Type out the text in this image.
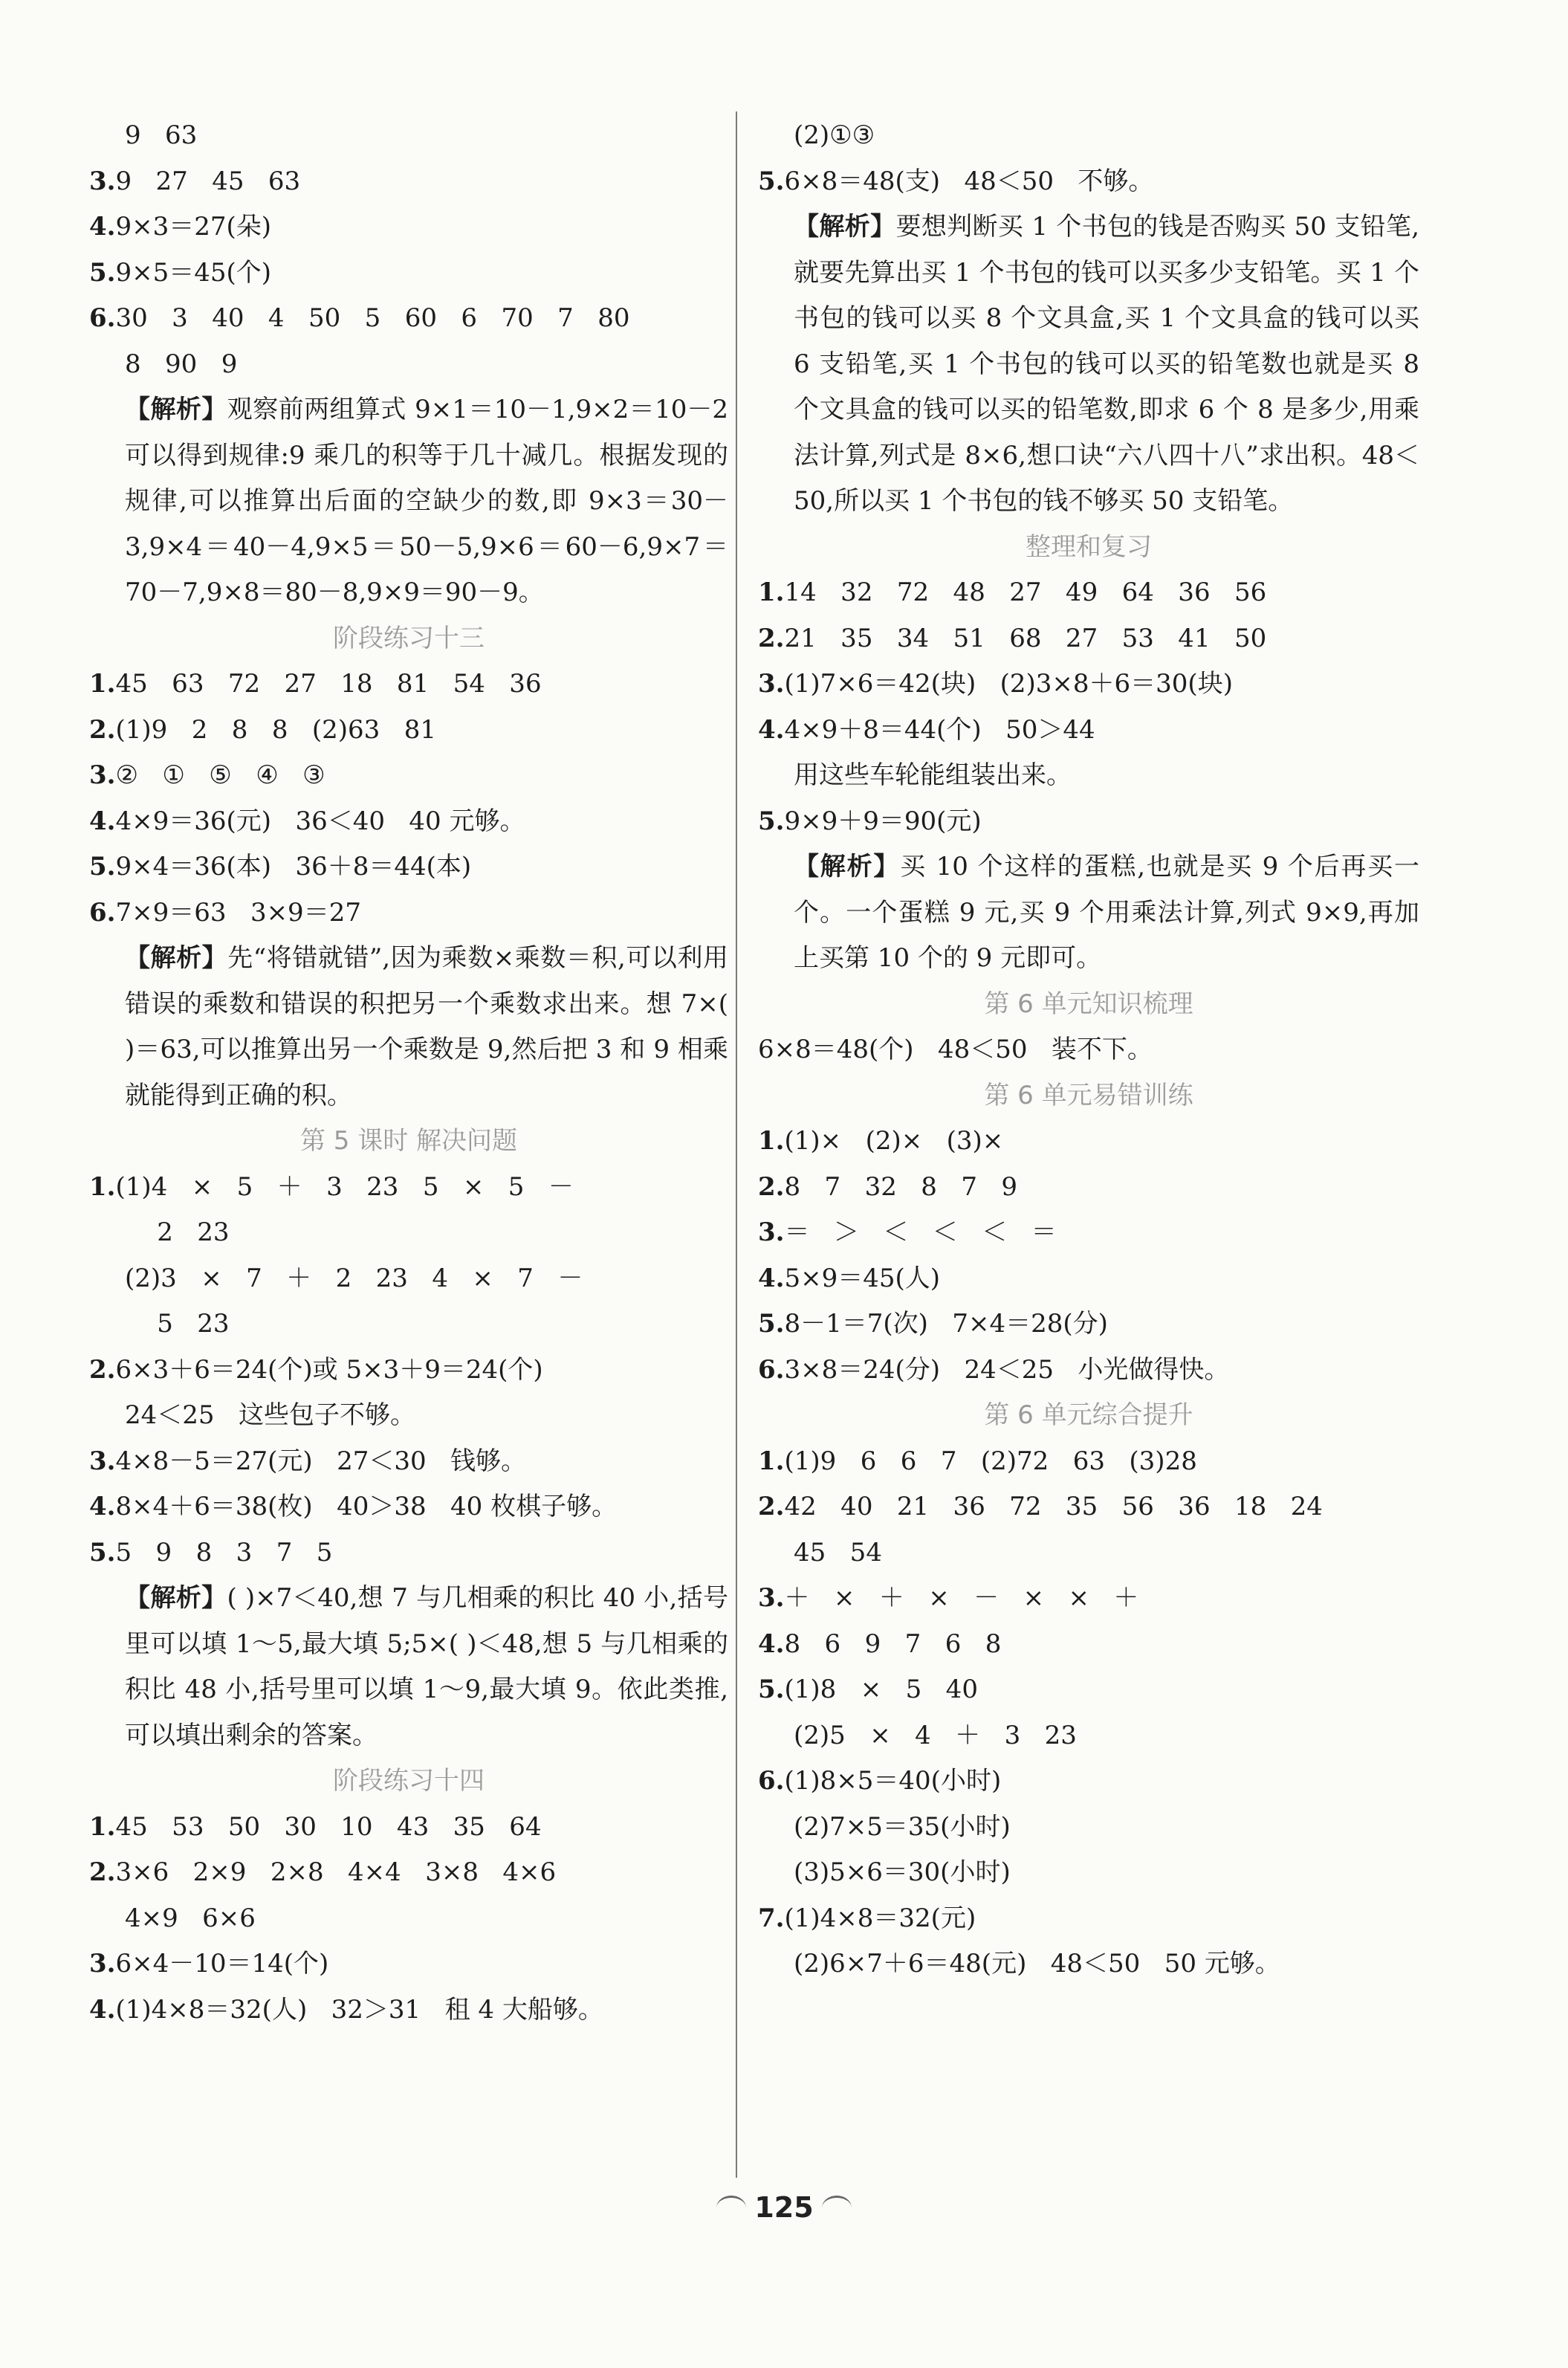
9   63
3.9   27   45   63
4.9×3＝27(朵)
5.9×5＝45(个)
6.30   3   40   4   50   5   60   6   70   7   80
8   90   9
【解析】观察前两组算式 9×1＝10－1,9×2＝10－2 可以得到规律:9 乘几的积等于几十减几。根据发现的规律,可以推算出后面的空缺少的数,即 9×3＝30－3,9×4＝40－4,9×5＝50－5,9×6＝60－6,9×7＝70－7,9×8＝80－8,9×9＝90－9。
阶段练习十三
1.45   63   72   27   18   81   54   36
2.(1)9   2   8   8   (2)63   81
3.②   ①   ⑤   ④   ③
4.4×9＝36(元)   36＜40   40 元够。
5.9×4＝36(本)   36＋8＝44(本)
6.7×9＝63   3×9＝27
【解析】先“将错就错”,因为乘数×乘数＝积,可以利用错误的乘数和错误的积把另一个乘数求出来。想 7×( )＝63,可以推算出另一个乘数是 9,然后把 3 和 9 相乘就能得到正确的积。
第 5 课时 解决问题
1.(1)4   ×   5   ＋   3   23   5   ×   5   －
2   23
(2)3   ×   7   ＋   2   23   4   ×   7   －
5   23
2.6×3＋6＝24(个)或 5×3＋9＝24(个)
24＜25   这些包子不够。
3.4×8－5＝27(元)   27＜30   钱够。
4.8×4＋6＝38(枚)   40＞38   40 枚棋子够。
5.5   9   8   3   7   5
【解析】( )×7＜40,想 7 与几相乘的积比 40 小,括号里可以填 1～5,最大填 5;5×( )＜48,想 5 与几相乘的积比 48 小,括号里可以填 1～9,最大填 9。依此类推,可以填出剩余的答案。
阶段练习十四
1.45   53   50   30   10   43   35   64
2.3×6   2×9   2×8   4×4   3×8   4×6
4×9   6×6
3.6×4－10＝14(个)
4.(1)4×8＝32(人)   32＞31   租 4 大船够。
(2)①③
5.6×8＝48(支)   48＜50   不够。
【解析】要想判断买 1 个书包的钱是否购买 50 支铅笔,就要先算出买 1 个书包的钱可以买多少支铅笔。买 1 个书包的钱可以买 8 个文具盒,买 1 个文具盒的钱可以买 6 支铅笔,买 1 个书包的钱可以买的铅笔数也就是买 8 个文具盒的钱可以买的铅笔数,即求 6 个 8 是多少,用乘法计算,列式是 8×6,想口诀“六八四十八”求出积。48＜50,所以买 1 个书包的钱不够买 50 支铅笔。
整理和复习
1.14   32   72   48   27   49   64   36   56
2.21   35   34   51   68   27   53   41   50
3.(1)7×6＝42(块)   (2)3×8＋6＝30(块)
4.4×9＋8＝44(个)   50＞44
用这些车轮能组装出来。
5.9×9＋9＝90(元)
【解析】买 10 个这样的蛋糕,也就是买 9 个后再买一个。一个蛋糕 9 元,买 9 个用乘法计算,列式 9×9,再加上买第 10 个的 9 元即可。
第 6 单元知识梳理
6×8＝48(个)   48＜50   装不下。
第 6 单元易错训练
1.(1)×   (2)×   (3)×
2.8   7   32   8   7   9
3.＝   ＞   ＜   ＜   ＜   ＝
4.5×9＝45(人)
5.8－1＝7(次)   7×4＝28(分)
6.3×8＝24(分)   24＜25   小光做得快。
第 6 单元综合提升
1.(1)9   6   6   7   (2)72   63   (3)28
2.42   40   21   36   72   35   56   36   18   24
45   54
3.＋   ×   ＋   ×   －   ×   ×   ＋
4.8   6   9   7   6   8
5.(1)8   ×   5   40
(2)5   ×   4   ＋   3   23
6.(1)8×5＝40(小时)
(2)7×5＝35(小时)
(3)5×6＝30(小时)
7.(1)4×8＝32(元)
(2)6×7＋6＝48(元)   48＜50   50 元够。
125
